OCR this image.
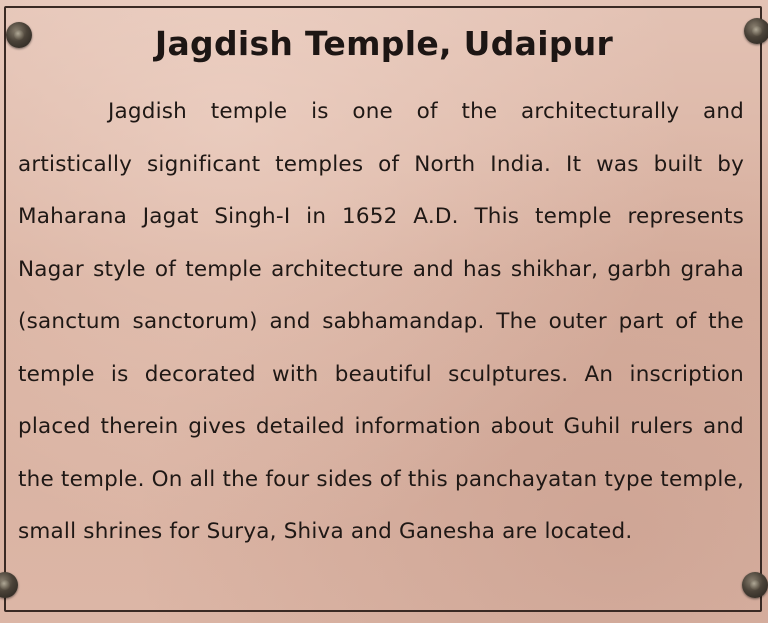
Jagdish Temple, Udaipur
Jagdish temple is one of the architecturally and artistically significant temples of North India. It was built by Maharana Jagat Singh-I in 1652 A.D. This temple represents Nagar style of temple architecture and has shikhar, garbh graha (sanctum sanctorum) and sabhamandap. The outer part of the temple is decorated with beautiful sculptures. An inscription placed therein gives detailed information about Guhil rulers and the temple. On all the four sides of this panchayatan type temple, small shrines for Surya, Shiva and Ganesha are located.
